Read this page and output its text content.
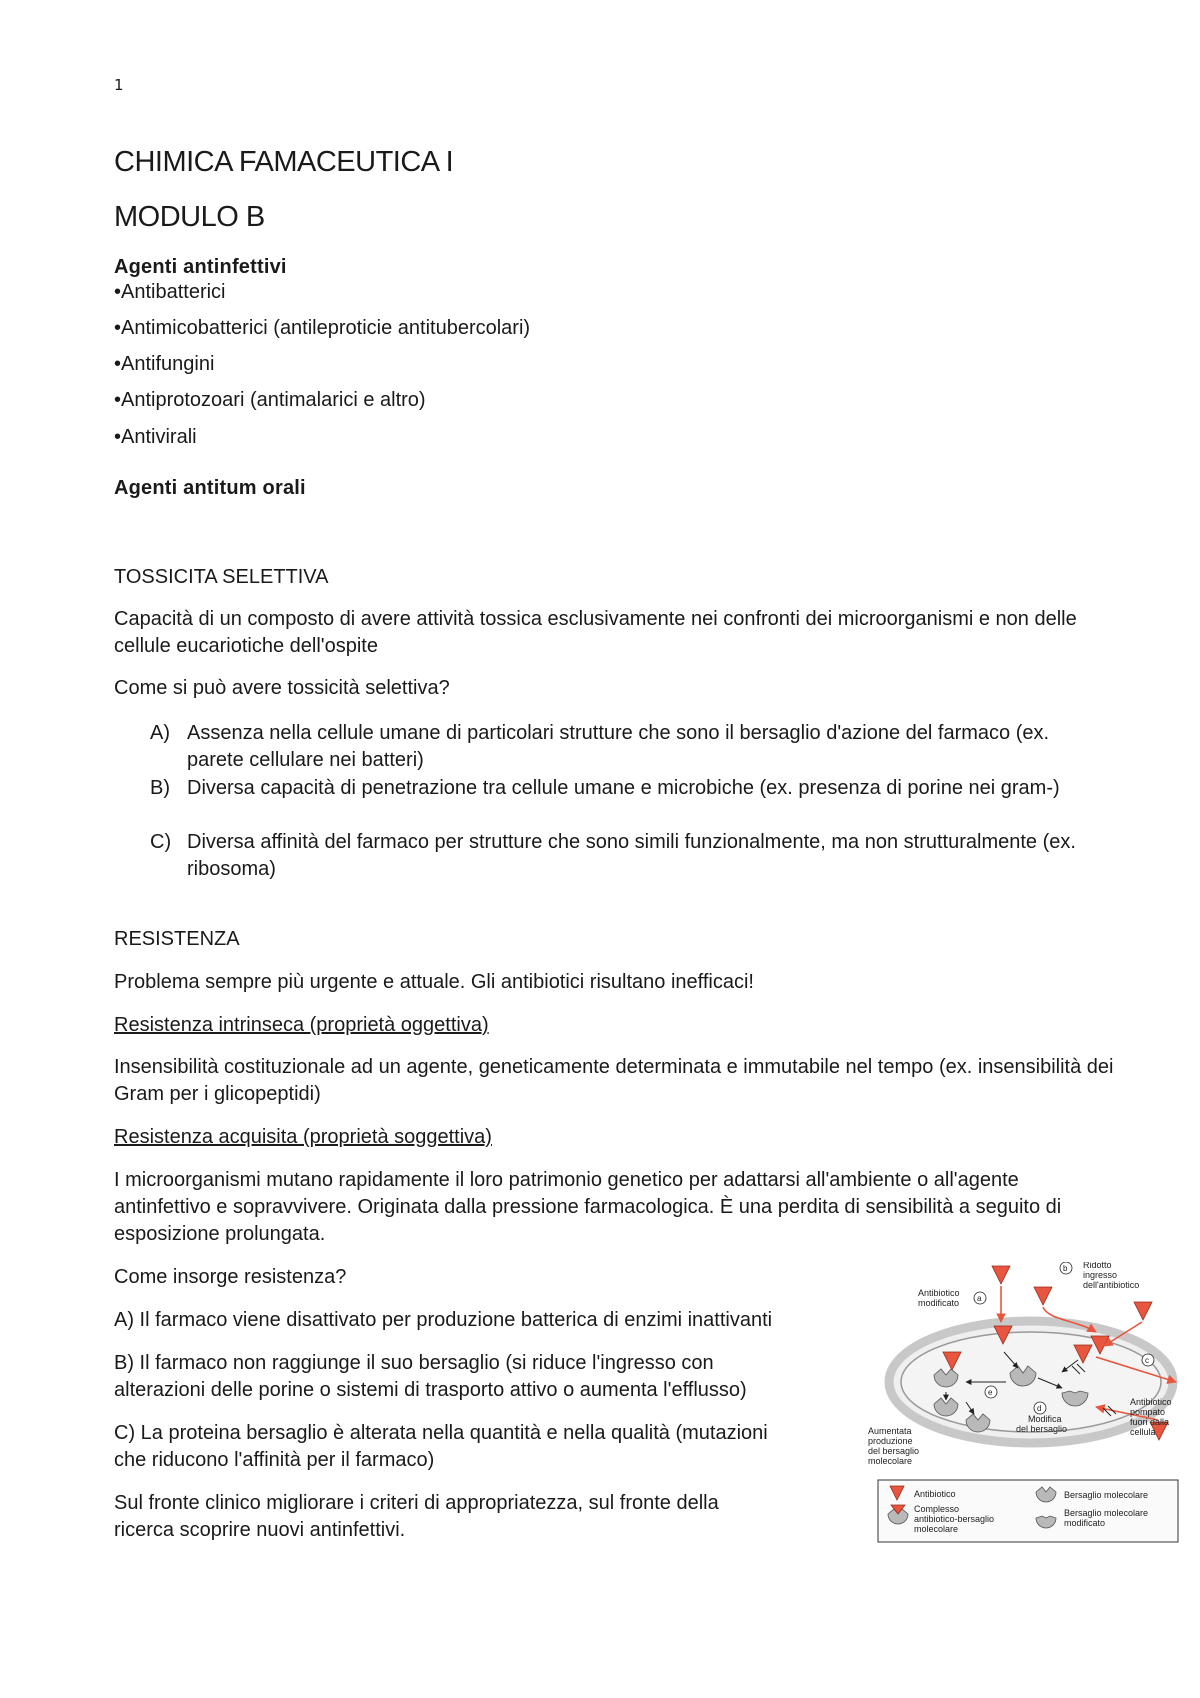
1
CHIMICA FAMACEUTICA I
MODULO B
Agenti antinfettivi
•Antibatterici
•Antimicobatterici (antileproticie antitubercolari)
•Antifungini
•Antiprotozoari (antimalarici e altro)
•Antivirali
Agenti antitum orali
TOSSICITA SELETTIVA
Capacità di un composto di avere attività tossica esclusivamente nei confronti dei microorganismi e non delle cellule eucariotiche dell'ospite
Come si può avere tossicità selettiva?
A) Assenza nella cellule umane di particolari strutture che sono il bersaglio d'azione del farmaco (ex. parete cellulare nei batteri)
B) Diversa capacità di penetrazione tra cellule umane e microbiche (ex. presenza di porine nei gram-)
C) Diversa affinità del farmaco per strutture che sono simili funzionalmente, ma non strutturalmente (ex. ribosoma)
RESISTENZA
Problema sempre più urgente e attuale. Gli antibiotici risultano inefficaci!
Resistenza intrinseca (proprietà oggettiva)
Insensibilità costituzionale ad un agente, geneticamente determinata e immutabile nel tempo (ex. insensibilità dei Gram per i glicopeptidi)
Resistenza acquisita (proprietà soggettiva)
I microorganismi mutano rapidamente il loro patrimonio genetico per adattarsi all'ambiente o all'agente antinfettivo e sopravvivere. Originata dalla pressione farmacologica. È una perdita di sensibilità a seguito di esposizione prolungata.
Come insorge resistenza?
A) Il farmaco viene disattivato per produzione batterica di enzimi inattivanti
B) Il farmaco non raggiunge il suo bersaglio (si riduce l'ingresso con
alterazioni delle porine o sistemi di trasporto attivo o aumenta l'efflusso)
C) La proteina bersaglio è alterata nella quantità e nella qualità (mutazioni
che riducono l'affinità per il farmaco)
Sul fronte clinico migliorare i criteri di appropriatezza, sul fronte della
ricerca scoprire nuovi antinfettivi.
a
b
c
d
e
Ridotto ingresso dell'antibiotico
Antibiotico modificato
Antibiotico pompato fuori dalla cellula
Aumentata produzione del bersaglio molecolare
Modifica del bersaglio
Antibiotico
Complesso antibiotico-bersaglio molecolare
Bersaglio molecolare
Bersaglio molecolare modificato
